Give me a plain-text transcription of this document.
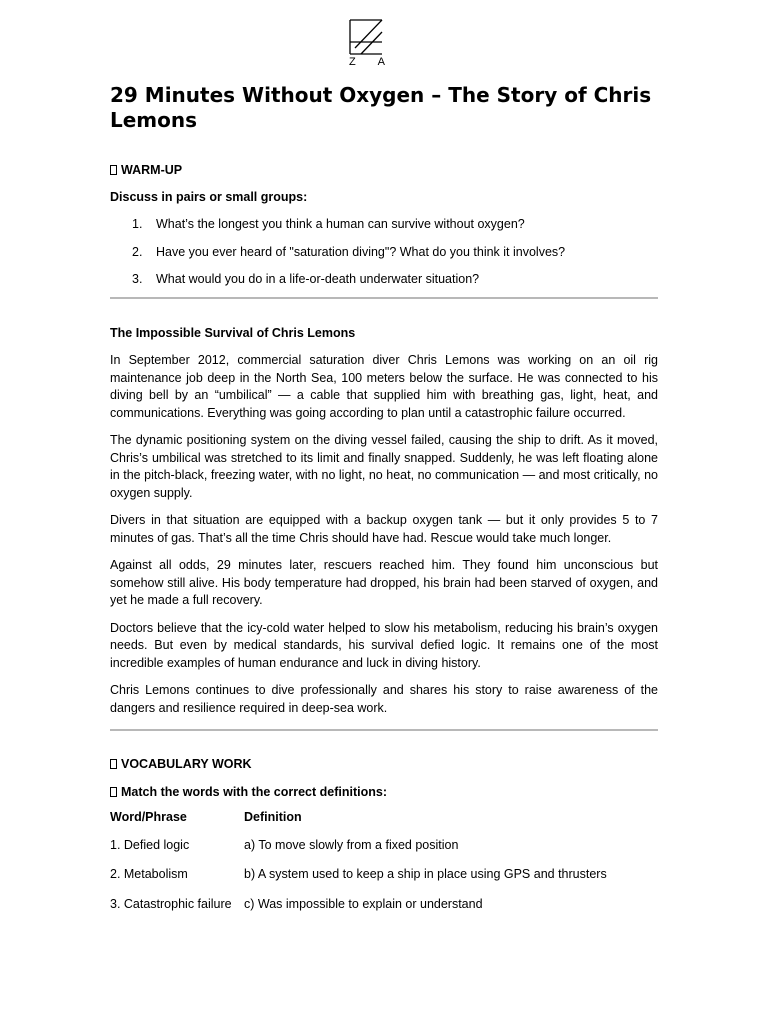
Z A
29 Minutes Without Oxygen – The Story of Chris Lemons

WARM-UP

Discuss in pairs or small groups:

1. What’s the longest you think a human can survive without oxygen?
2. Have you ever heard of "saturation diving"? What do you think it involves?
3. What would you do in a life-or-death underwater situation?

The Impossible Survival of Chris Lemons

In September 2012, commercial saturation diver Chris Lemons was working on an oil rig maintenance job deep in the North Sea, 100 meters below the surface. He was connected to his diving bell by an “umbilical” — a cable that supplied him with breathing gas, light, heat, and communications. Everything was going according to plan until a catastrophic failure occurred.

The dynamic positioning system on the diving vessel failed, causing the ship to drift. As it moved, Chris’s umbilical was stretched to its limit and finally snapped. Suddenly, he was left floating alone in the pitch-black, freezing water, with no light, no heat, no communication — and most critically, no oxygen supply.

Divers in that situation are equipped with a backup oxygen tank — but it only provides 5 to 7 minutes of gas. That’s all the time Chris should have had. Rescue would take much longer.

Against all odds, 29 minutes later, rescuers reached him. They found him unconscious but somehow still alive. His body temperature had dropped, his brain had been starved of oxygen, and yet he made a full recovery.

Doctors believe that the icy-cold water helped to slow his metabolism, reducing his brain’s oxygen needs. But even by medical standards, his survival defied logic. It remains one of the most incredible examples of human endurance and luck in diving history.

Chris Lemons continues to dive professionally and shares his story to raise awareness of the dangers and resilience required in deep-sea work.

VOCABULARY WORK

Match the words with the correct definitions:

Word/Phrase	Definition
1. Defied logic	a) To move slowly from a fixed position
2. Metabolism	b) A system used to keep a ship in place using GPS and thrusters
3. Catastrophic failure	c) Was impossible to explain or understand
